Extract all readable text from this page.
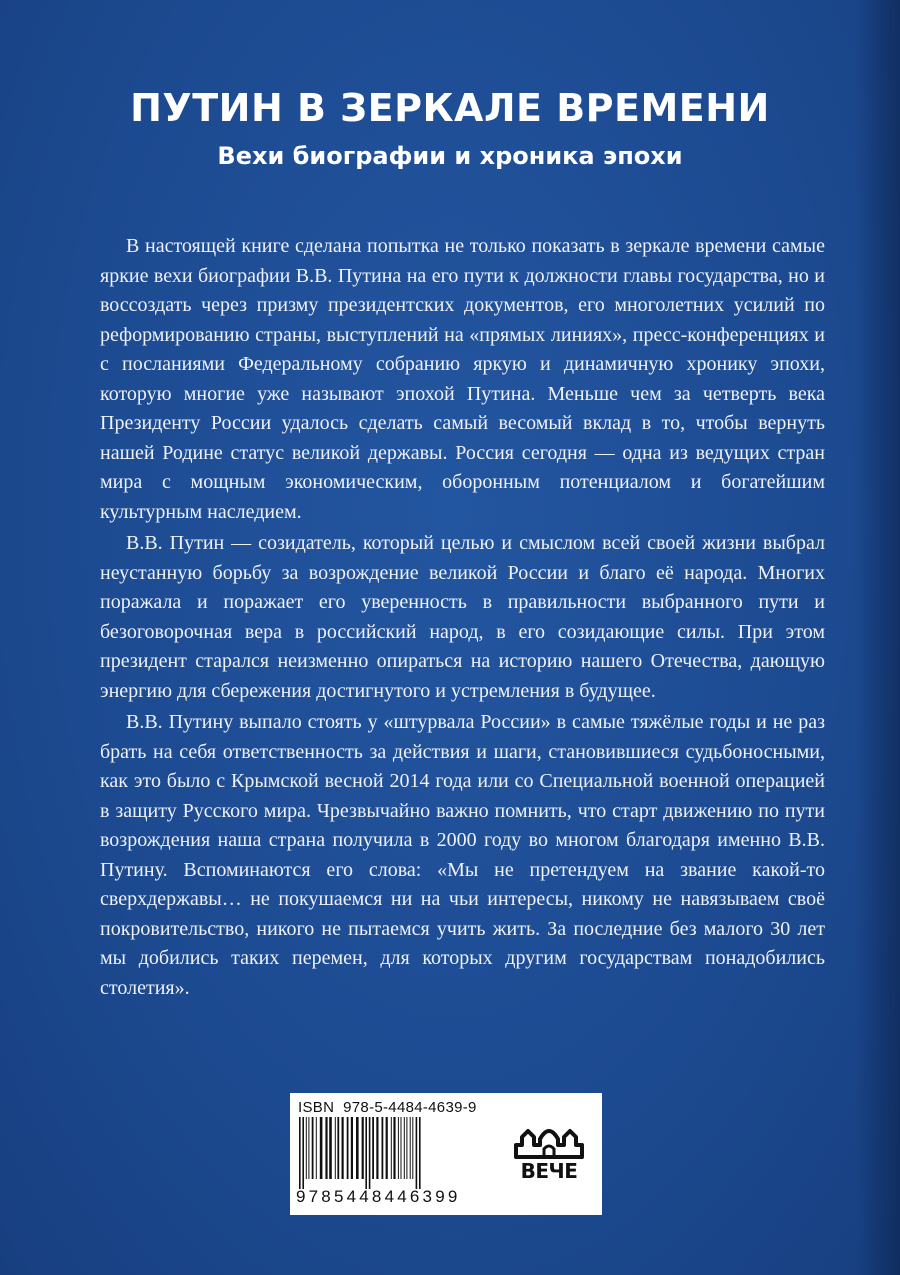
ПУТИН В ЗЕРКАЛЕ ВРЕМЕНИ
Вехи биографии и хроника эпохи

В настоящей книге сделана попытка не только показать в зеркале времени самые яркие вехи биографии В.В. Путина на его пути к должности главы государства, но и воссоздать через призму президентских документов, его многолетних усилий по реформированию страны, выступлений на «прямых линиях», пресс-конференциях и с посланиями Федеральному собранию яркую и динамичную хронику эпохи, которую многие уже называют эпохой Путина. Меньше чем за четверть века Президенту России удалось сделать самый весомый вклад в то, чтобы вернуть нашей Родине статус великой державы. Россия сегодня — одна из ведущих стран мира с мощным экономическим, оборонным потенциалом и богатейшим культурным наследием.

В.В. Путин — созидатель, который целью и смыслом всей своей жизни выбрал неустанную борьбу за возрождение великой России и благо её народа. Многих поражала и поражает его уверенность в правильности выбранного пути и безоговорочная вера в российский народ, в его созидающие силы. При этом президент старался неизменно опираться на историю нашего Отечества, дающую энергию для сбережения достигнутого и устремления в будущее.

В.В. Путину выпало стоять у «штурвала России» в самые тяжёлые годы и не раз брать на себя ответственность за действия и шаги, становившиеся судьбоносными, как это было с Крымской весной 2014 года или со Специальной военной операцией в защиту Русского мира. Чрезвычайно важно помнить, что старт движению по пути возрождения наша страна получила в 2000 году во многом благодаря именно В.В. Путину. Вспоминаются его слова: «Мы не претендуем на звание какой-то сверхдержавы… не покушаемся ни на чьи интересы, никому не навязываем своё покровительство, никого не пытаемся учить жить. За последние без малого 30 лет мы добились таких перемен, для которых другим государствам понадобились столетия».

ISBN  978-5-4484-4639-9
9785448446399
ВЕЧЕ
